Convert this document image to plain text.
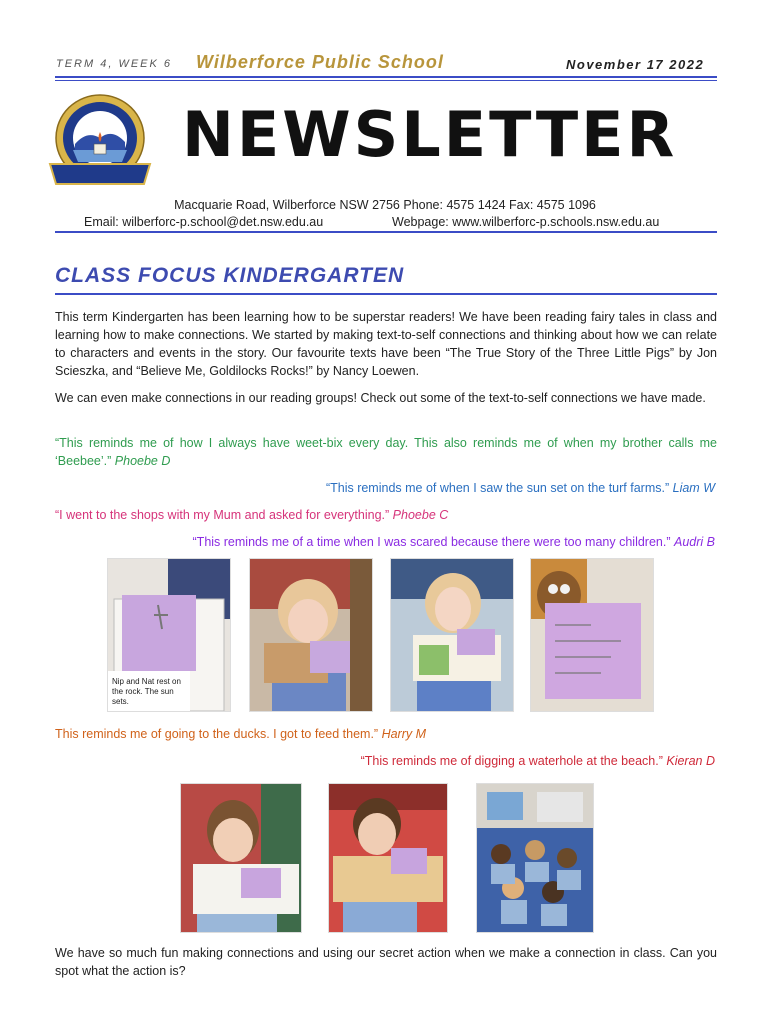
TERM 4, WEEK 6 Wilberforce Public School	November 17 2022
NEWSLETTER
Macquarie Road, Wilberforce NSW 2756 Phone: 4575 1424 Fax: 4575 1096
Email: wilberforc-p.school@det.nsw.edu.au	Webpage: www.wilberforc-p.schools.nsw.edu.au
CLASS FOCUS KINDERGARTEN
This term Kindergarten has been learning how to be superstar readers! We have been reading fairy tales in class and learning how to make connections. We started by making text-to-self connections and thinking about how we can relate to characters and events in the story. Our favourite texts have been “The True Story of the Three Little Pigs” by Jon Scieszka, and “Believe Me, Goldilocks Rocks!” by Nancy Loewen.
We can even make connections in our reading groups! Check out some of the text-to-self connections we have made.
“This reminds me of how I always have weet-bix every day. This also reminds me of when my brother calls me ‘Beebee’.” Phoebe D
“This reminds me of when I saw the sun set on the turf farms.” Liam W
“I went to the shops with my Mum and asked for everything.” Phoebe C
“This reminds me of a time when I was scared because there were too many children.” Audri B
Nip and Nat rest on the rock. The sun sets.
This reminds me of going to the ducks. I got to feed them.” Harry M
“This reminds me of digging a waterhole at the beach.” Kieran D
We have so much fun making connections and using our secret action when we make a connection in class. Can you spot what the action is?
